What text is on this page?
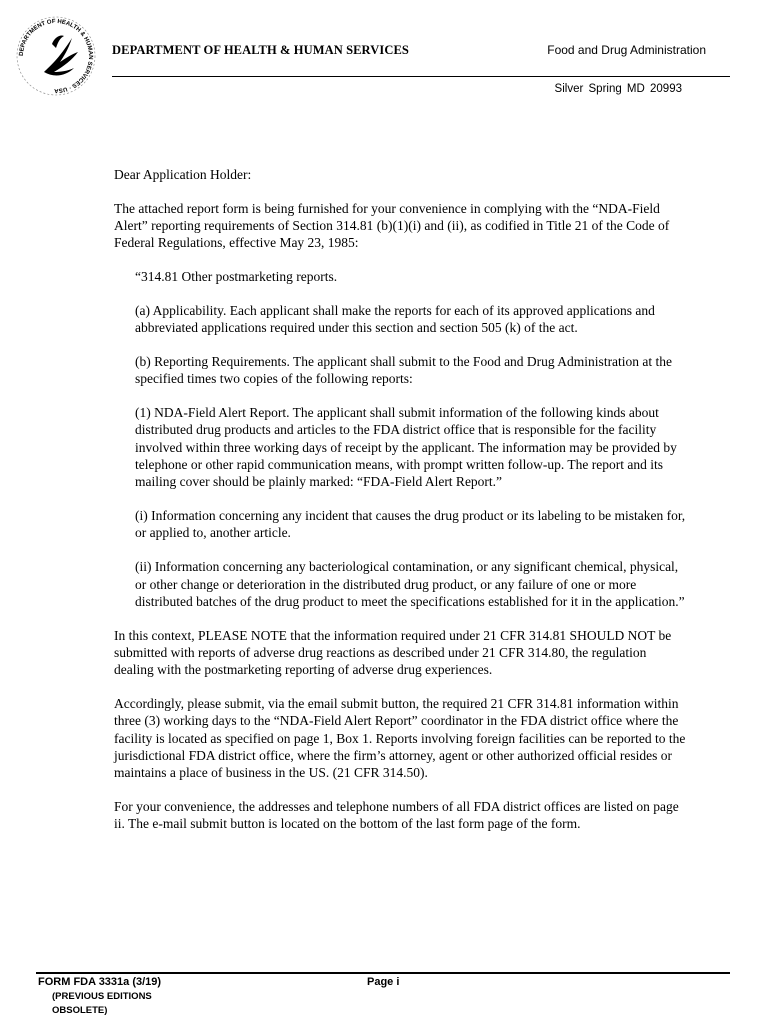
DEPARTMENT OF HEALTH & HUMAN SERVICES · USA
DEPARTMENT OF HEALTH & HUMAN SERVICES	Food and Drug Administration
Silver Spring MD 20993

Dear Application Holder:

The attached report form is being furnished for your convenience in complying with the “NDA-Field Alert” reporting requirements of Section 314.81 (b)(1)(i) and (ii), as codified in Title 21 of the Code of Federal Regulations, effective May 23, 1985:

“314.81 Other postmarketing reports.

(a) Applicability. Each applicant shall make the reports for each of its approved applications and abbreviated applications required under this section and section 505 (k) of the act.

(b) Reporting Requirements. The applicant shall submit to the Food and Drug Administration at the specified times two copies of the following reports:

(1) NDA-Field Alert Report. The applicant shall submit information of the following kinds about distributed drug products and articles to the FDA district office that is responsible for the facility involved within three working days of receipt by the applicant. The information may be provided by telephone or other rapid communication means, with prompt written follow-up. The report and its mailing cover should be plainly marked: “FDA-Field Alert Report.”

(i) Information concerning any incident that causes the drug product or its labeling to be mistaken for, or applied to, another article.

(ii) Information concerning any bacteriological contamination, or any significant chemical, physical, or other change or deterioration in the distributed drug product, or any failure of one or more distributed batches of the drug product to meet the specifications established for it in the application.”

In this context, PLEASE NOTE that the information required under 21 CFR 314.81 SHOULD NOT be submitted with reports of adverse drug reactions as described under 21 CFR 314.80, the regulation dealing with the postmarketing reporting of adverse drug experiences.

Accordingly, please submit, via the email submit button, the required 21 CFR 314.81 information within three (3) working days to the “NDA-Field Alert Report” coordinator in the FDA district office where the facility is located as specified on page 1, Box 1. Reports involving foreign facilities can be reported to the jurisdictional FDA district office, where the firm’s attorney, agent or other authorized official resides or maintains a place of business in the US. (21 CFR 314.50).

For your convenience, the addresses and telephone numbers of all FDA district offices are listed on page ii. The e-mail submit button is located on the bottom of the last form page of the form.

FORM FDA 3331a (3/19)
(PREVIOUS EDITIONS
OBSOLETE)
Page i
